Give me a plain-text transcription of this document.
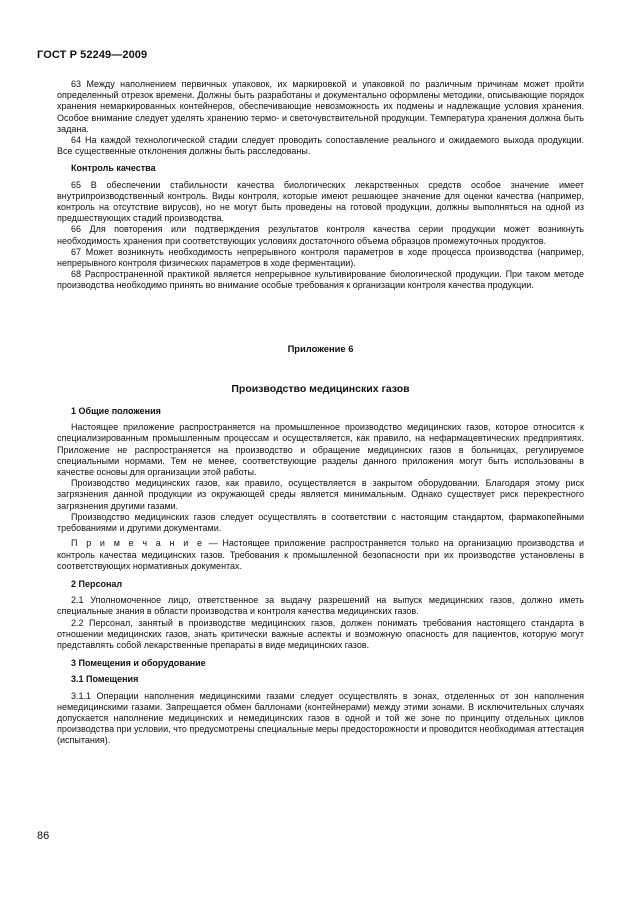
ГОСТ Р 52249—2009

63 Между наполнением первичных упаковок, их маркировкой и упаковкой по различным причинам может пройти определенный отрезок времени. Должны быть разработаны и документально оформлены методики, описывающие порядок хранения немаркированных контейнеров, обеспечивающие невозможность их подмены и надлежащие условия хранения. Особое внимание следует уделять хранению термо- и светочувствительной продукции. Температура хранения должна быть задана.

64 На каждой технологической стадии следует проводить сопоставление реального и ожидаемого выхода продукции. Все существенные отклонения должны быть расследованы.

Контроль качества

65 В обеспечении стабильности качества биологических лекарственных средств особое значение имеет внутрипроизводственный контроль. Виды контроля, которые имеют решающее значение для оценки качества (например, контроль на отсутствие вирусов), но не могут быть проведены на готовой продукции, должны выполняться на одной из предшествующих стадий производства.

66 Для повторения или подтверждения результатов контроля качества серии продукции может возникнуть необходимость хранения при соответствующих условиях достаточного объема образцов промежуточных продуктов.

67 Может возникнуть необходимость непрерывного контроля параметров в ходе процесса производства (например, непрерывного контроля физических параметров в ходе ферментации).

68 Распространенной практикой является непрерывное культивирование биологической продукции. При таком методе производства необходимо принять во внимание особые требования к организации контроля качества продукции.

Приложение 6

Производство медицинских газов

1 Общие положения

Настоящее приложение распространяется на промышленное производство медицинских газов, которое относится к специализированным промышленным процессам и осуществляется, как правило, на нефармацевтических предприятиях. Приложение не распространяется на производство и обращение медицинских газов в больницах, регулируемое специальными нормами. Тем не менее, соответствующие разделы данного приложения могут быть использованы в качестве основы для организации этой работы.

Производство медицинских газов, как правило, осуществляется в закрытом оборудовании. Благодаря этому риск загрязнения данной продукции из окружающей среды является минимальным. Однако существует риск перекрестного загрязнения другими газами.

Производство медицинских газов следует осуществлять в соответствии с настоящим стандартом, фармакопейными требованиями и другими документами.

П р и м е ч а н и е — Настоящее приложение распространяется только на организацию производства и контроль качества медицинских газов. Требования к промышленной безопасности при их производстве установлены в соответствующих нормативных документах.

2 Персонал

2.1 Уполномоченное лицо, ответственное за выдачу разрешений на выпуск медицинских газов, должно иметь специальные знания в области производства и контроля качества медицинских газов.

2.2 Персонал, занятый в производстве медицинских газов, должен понимать требования настоящего стандарта в отношении медицинских газов, знать критически важные аспекты и возможную опасность для пациентов, которую могут представлять собой лекарственные препараты в виде медицинских газов.

3 Помещения и оборудование

3.1 Помещения

3.1.1 Операции наполнения медицинскими газами следует осуществлять в зонах, отделенных от зон наполнения немедицинскими газами. Запрещается обмен баллонами (контейнерами) между этими зонами. В исключительных случаях допускается наполнение медицинских и немедицинских газов в одной и той же зоне по принципу отдельных циклов производства при условии, что предусмотрены специальные меры предосторожности и проводится необходимая аттестация (испытания).

86
